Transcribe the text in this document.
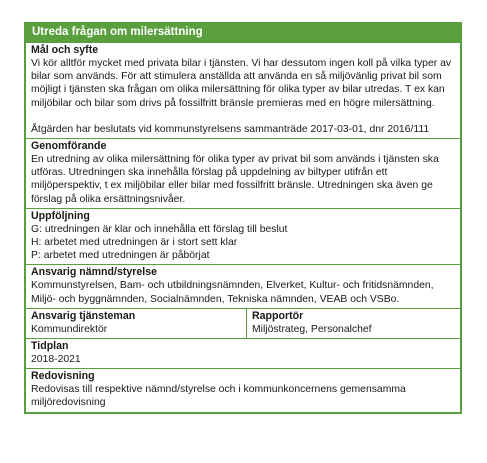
Utreda frågan om milersättning
Mål och syfte
Vi kör alltför mycket med privata bilar i tjänsten. Vi har dessutom ingen koll på vilka typer av
bilar som används. För att stimulera anställda att använda en så miljövänlig privat bil som
möjligt i tjänsten ska frågan om olika milersättning för olika typer av bilar utredas. T ex kan
miljöbilar och bilar som drivs på fossilfritt bränsle premieras med en högre milersättning.
Åtgärden har beslutats vid kommunstyrelsens sammanträde 2017-03-01, dnr 2016/111
Genomförande
En utredning av olika milersättning för olika typer av privat bil som används i tjänsten ska
utföras. Utredningen ska innehålla förslag på uppdelning av biltyper utifrån ett
miljöperspektiv, t ex miljöbilar eller bilar med fossilfritt bränsle. Utredningen ska även ge
förslag på olika ersättningsnivåer.
Uppföljning
G: utredningen är klar och innehålla ett förslag till beslut
H: arbetet med utredningen är i stort sett klar
P: arbetet med utredningen är påbörjat
Ansvarig nämnd/styrelse
Kommunstyrelsen, Bam- och utbildningsnämnden, Elverket, Kultur- och fritidsnämnden,
Miljö- och byggnämnden, Socialnämnden, Tekniska nämnden, VEAB och VSBo.
Ansvarig tjänsteman
Kommundirektör
Rapportör
Miljöstrateg, Personalchef
Tidplan
2018-2021
Redovisning
Redovisas till respektive nämnd/styrelse och i kommunkoncernens gemensamma
miljöredovisning
